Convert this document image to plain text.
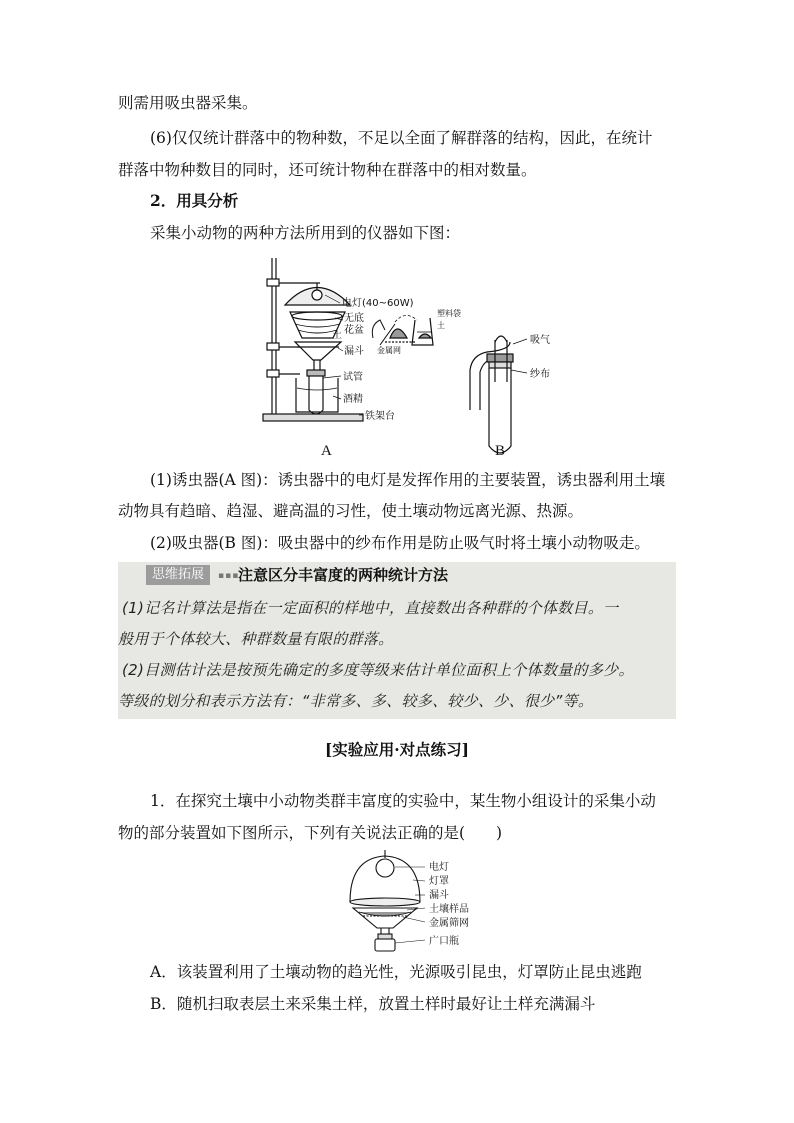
则需用吸虫器采集。
(6)仅仅统计群落中的物种数，不足以全面了解群落的结构，因此，在统计
群落中物种数目的同时，还可统计物种在群落中的相对数量。
2．用具分析
采集小动物的两种方法所用到的仪器如下图：
电灯(40~60W)
无底
花盆
土
漏斗 金属网
塑料袋
土
试管
酒精
铁架台
吸气
纱布
A	B
(1)诱虫器(A 图)：诱虫器中的电灯是发挥作用的主要装置，诱虫器利用土壤
动物具有趋暗、趋湿、避高温的习性，使土壤动物远离光源、热源。
(2)吸虫器(B 图)：吸虫器中的纱布作用是防止吸气时将土壤小动物吸走。
思维拓展	▪▪▪
注意区分丰富度的两种统计方法
(1)记名计算法是指在一定面积的样地中，直接数出各种群的个体数目。一
般用于个体较大、种群数量有限的群落。
(2)目测估计法是按预先确定的多度等级来估计单位面积上个体数量的多少。
等级的划分和表示方法有：“非常多、多、较多、较少、少、很少”等。
[实验应用·对点练习]
1．在探究土壤中小动物类群丰富度的实验中，某生物小组设计的采集小动
物的部分装置如下图所示，下列有关说法正确的是(　　)
电灯
灯罩
漏斗
土壤样品
金属筛网
广口瓶
A．该装置利用了土壤动物的趋光性，光源吸引昆虫，灯罩防止昆虫逃跑
B．随机扫取表层土来采集土样，放置土样时最好让土样充满漏斗
